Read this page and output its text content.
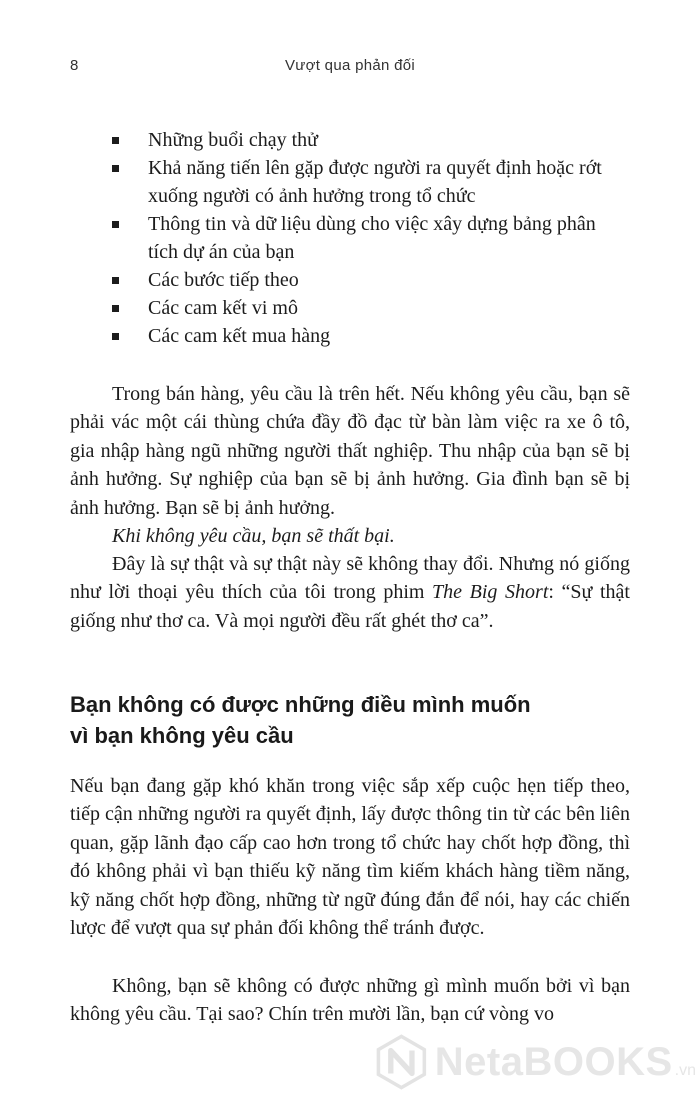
8	Vượt qua phản đối
Những buổi chạy thử
Khả năng tiến lên gặp được người ra quyết định hoặc rớt xuống người có ảnh hưởng trong tổ chức
Thông tin và dữ liệu dùng cho việc xây dựng bảng phân tích dự án của bạn
Các bước tiếp theo
Các cam kết vi mô
Các cam kết mua hàng

Trong bán hàng, yêu cầu là trên hết. Nếu không yêu cầu, bạn sẽ phải vác một cái thùng chứa đầy đồ đạc từ bàn làm việc ra xe ô tô, gia nhập hàng ngũ những người thất nghiệp. Thu nhập của bạn sẽ bị ảnh hưởng. Sự nghiệp của bạn sẽ bị ảnh hưởng. Gia đình bạn sẽ bị ảnh hưởng. Bạn sẽ bị ảnh hưởng.

Khi không yêu cầu, bạn sẽ thất bại.

Đây là sự thật và sự thật này sẽ không thay đổi. Nhưng nó giống như lời thoại yêu thích của tôi trong phim The Big Short: “Sự thật giống như thơ ca. Và mọi người đều rất ghét thơ ca”.

Bạn không có được những điều mình muốn
vì bạn không yêu cầu

Nếu bạn đang gặp khó khăn trong việc sắp xếp cuộc hẹn tiếp theo, tiếp cận những người ra quyết định, lấy được thông tin từ các bên liên quan, gặp lãnh đạo cấp cao hơn trong tổ chức hay chốt hợp đồng, thì đó không phải vì bạn thiếu kỹ năng tìm kiếm khách hàng tiềm năng, kỹ năng chốt hợp đồng, những từ ngữ đúng đắn để nói, hay các chiến lược để vượt qua sự phản đối không thể tránh được.

Không, bạn sẽ không có được những gì mình muốn bởi vì bạn không yêu cầu. Tại sao? Chín trên mười lần, bạn cứ vòng vo

NetaBOOKS .vn
